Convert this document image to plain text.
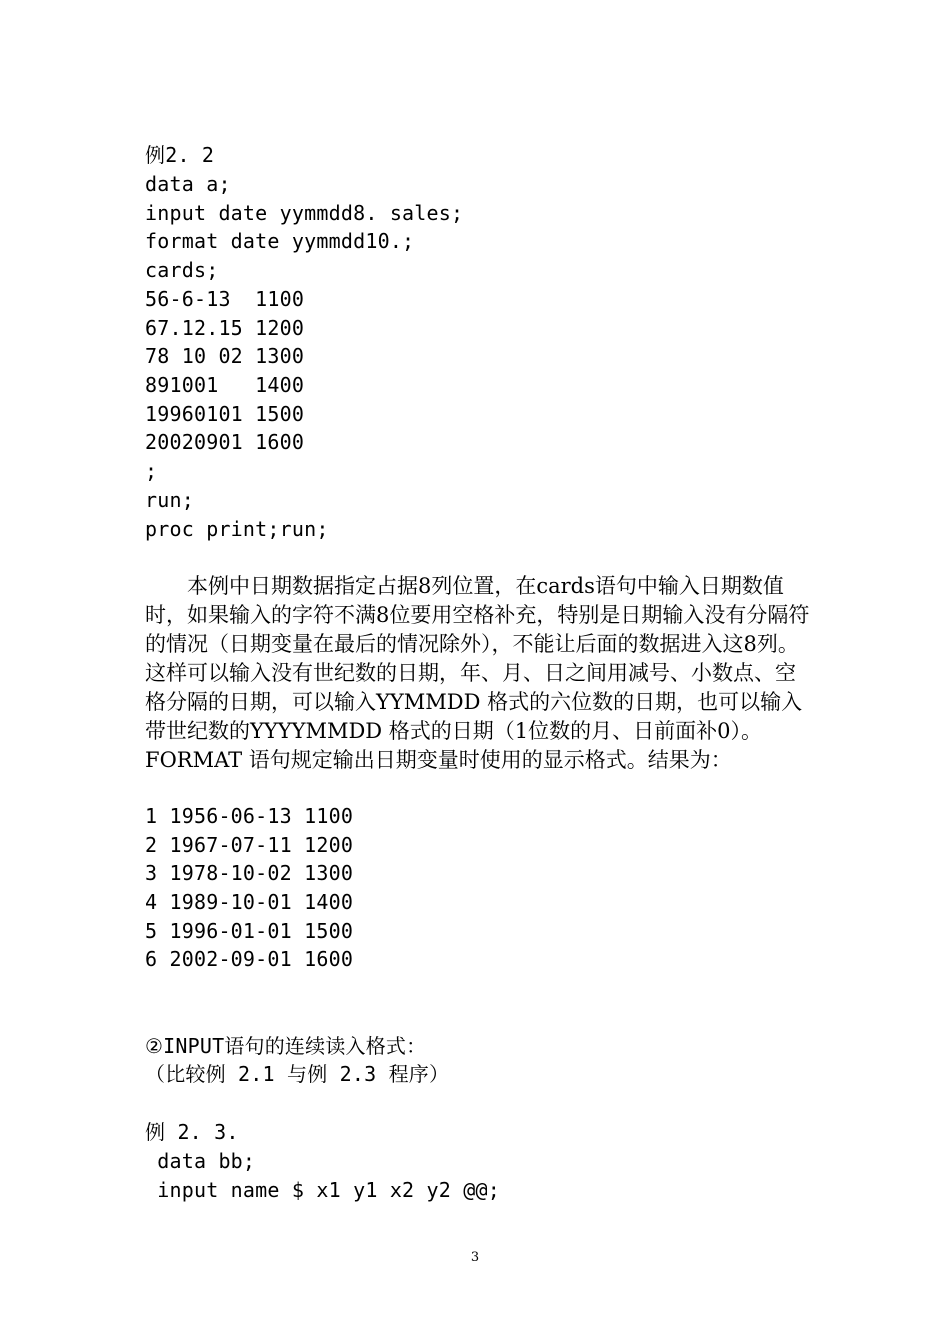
例2. 2
data a;
input date yymmdd8. sales;
format date yymmdd10.;
cards;
56-6-13  1100
67.12.15 1200
78 10 02 1300
891001   1400
19960101 1500
20020901 1600
;
run;
proc print;run;
本例中日期数据指定占据8列位置，在cards语句中输入日期数值时，如果输入的字符不满8位要用空格补充，特别是日期输入没有分隔符的情况（日期变量在最后的情况除外），不能让后面的数据进入这8列。这样可以输入没有世纪数的日期，年、月、日之间用减号、小数点、空格分隔的日期，可以输入YYMMDD 格式的六位数的日期，也可以输入带世纪数的YYYYMMDD 格式的日期（1位数的月、日前面补0）。FORMAT 语句规定输出日期变量时使用的显示格式。结果为：
1 1956-06-13 1100
2 1967-07-11 1200
3 1978-10-02 1300
4 1989-10-01 1400
5 1996-01-01 1500
6 2002-09-01 1600
②INPUT语句的连续读入格式：
（比较例 2.1 与例 2.3 程序）
例 2. 3.
data bb;
input name $ x1 y1 x2 y2 @@;
3
